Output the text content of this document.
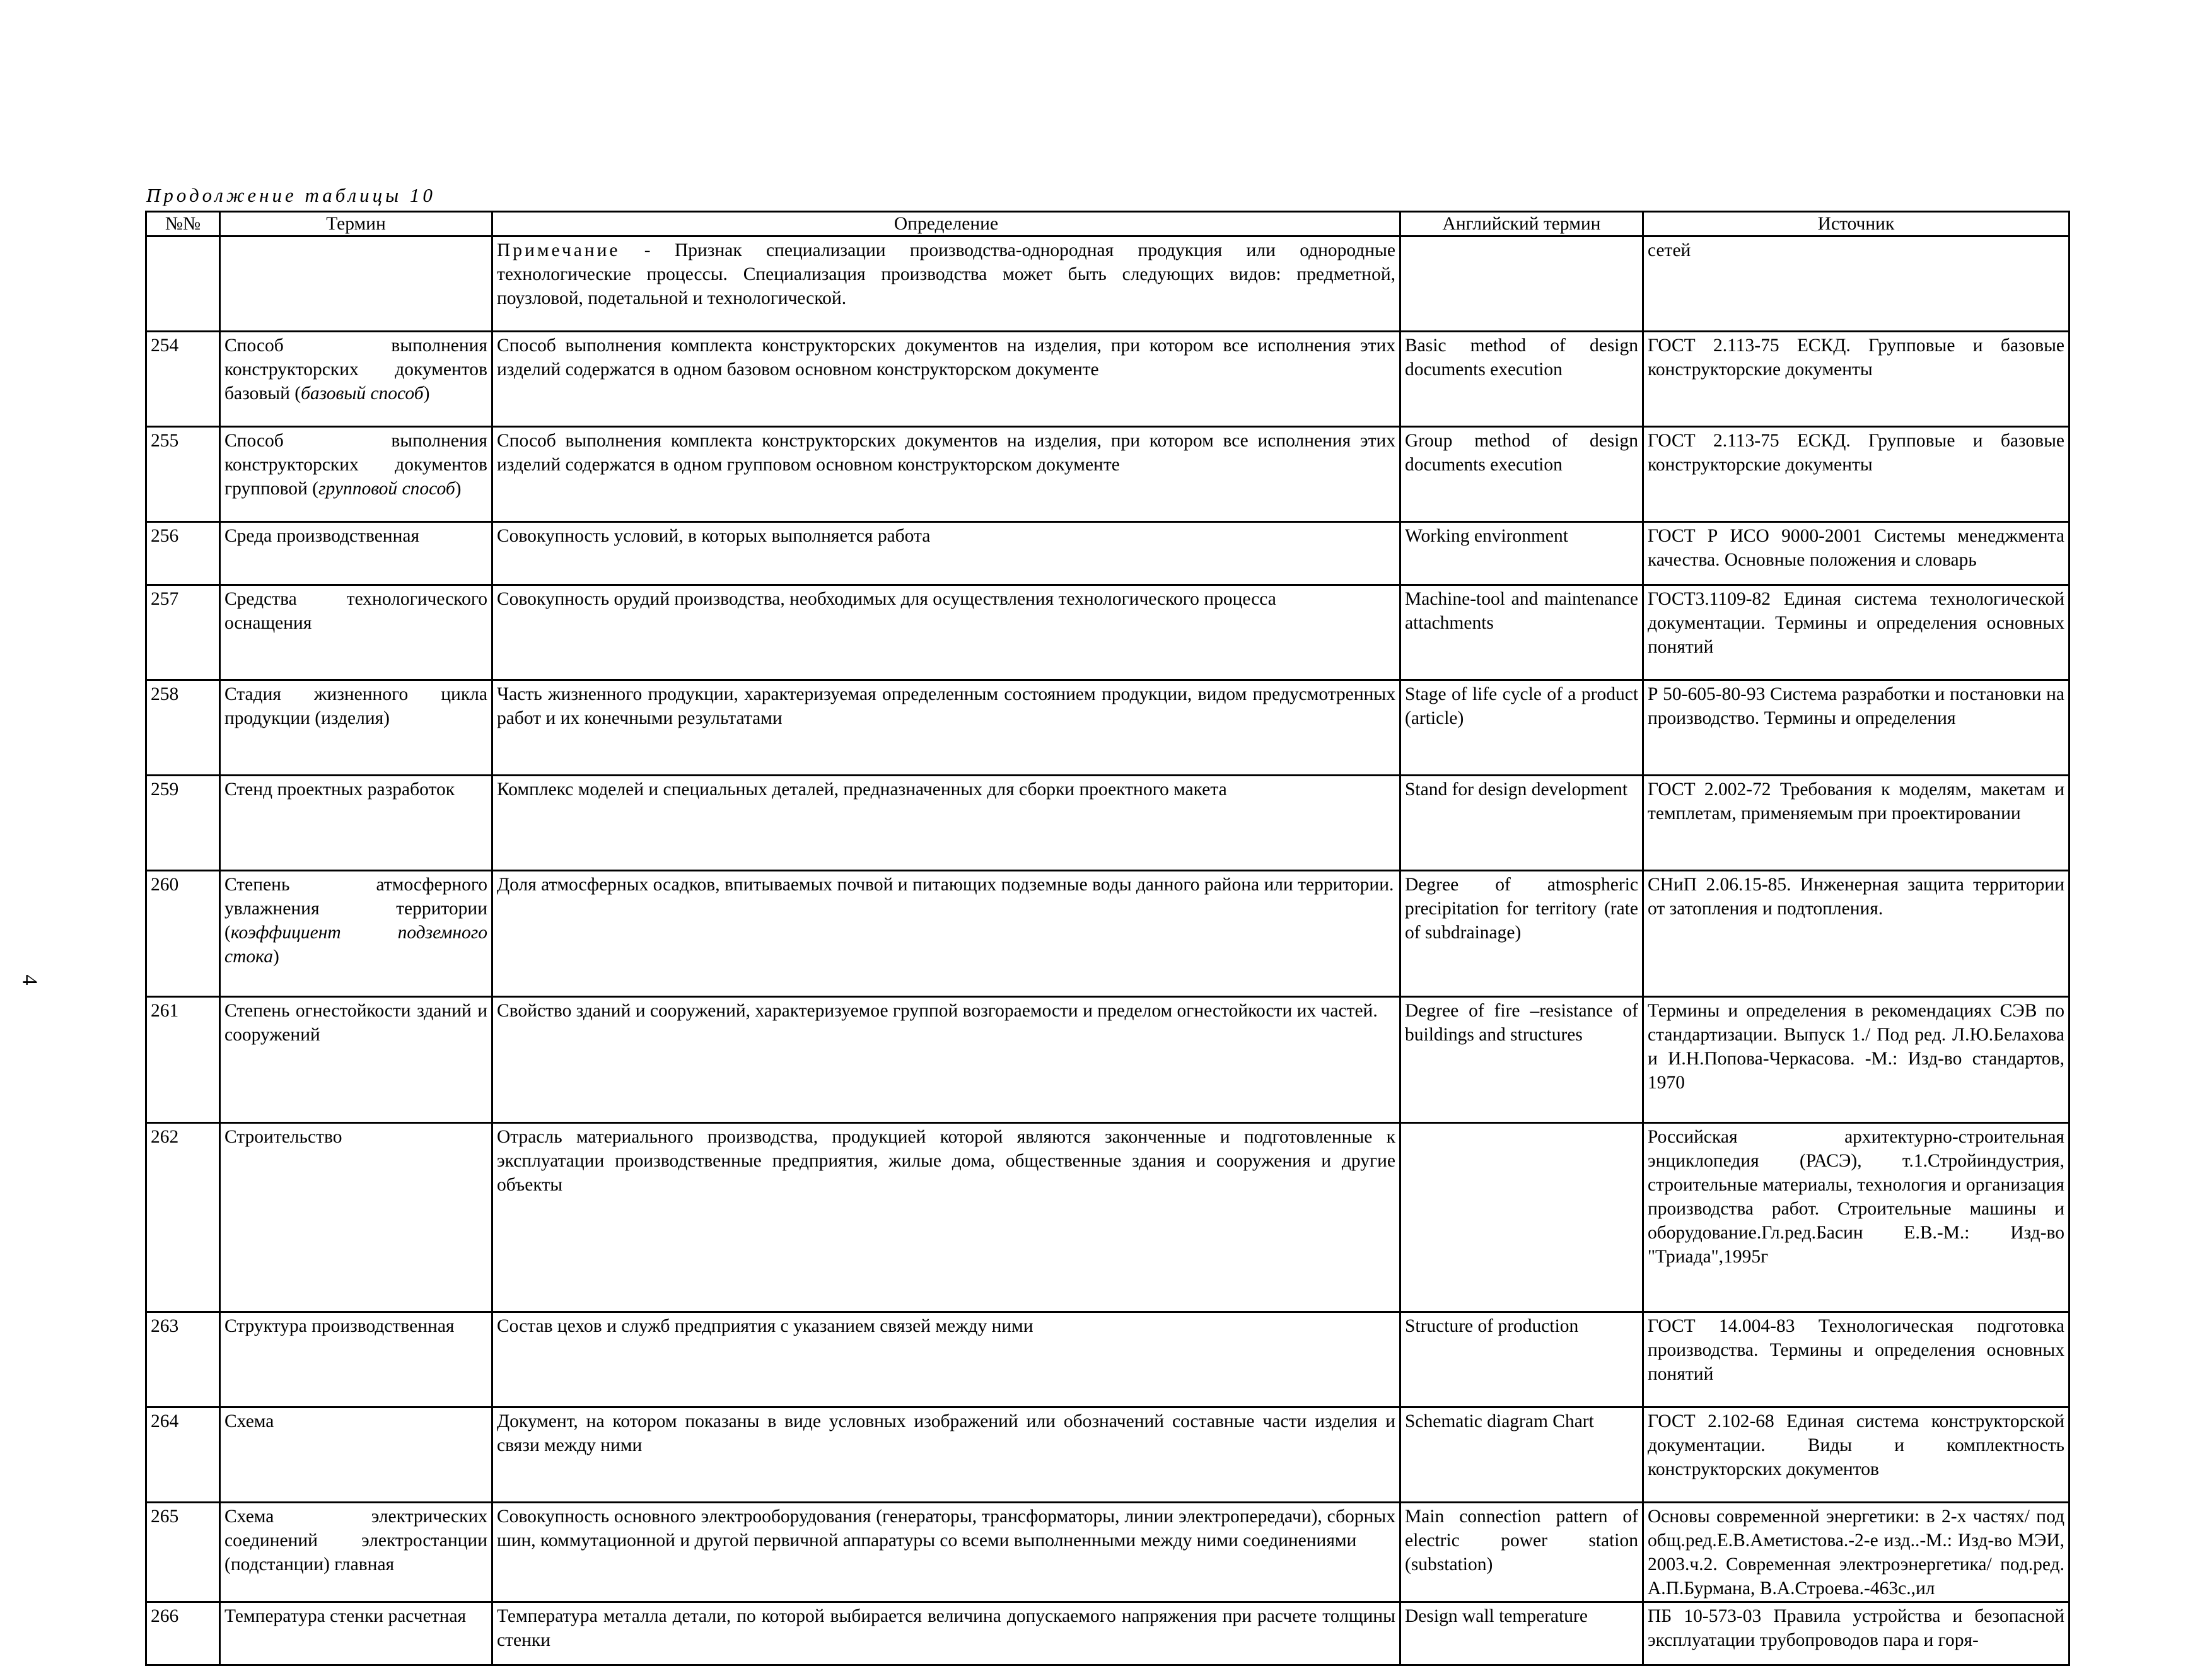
Продолжение таблицы 10
4
№№	Термин	Определение	Английский термин	Источник
		Примечание - Признак специализации производства-однородная продукция или однородные технологические процессы. Специализация производства может быть следующих видов: предметной, поузловой, подетальной и технологической.		сетей
254	Способ выполнения конструкторских документов базовый (базовый способ)	Способ выполнения комплекта конструкторских документов на изделия, при котором все исполнения этих изделий содержатся в одном базовом основном конструкторском документе	Basic method of design documents execution	ГОСТ 2.113-75 ЕСКД. Групповые и базовые конструкторские документы
255	Способ выполнения конструкторских документов групповой (групповой способ)	Способ выполнения комплекта конструкторских документов на изделия, при котором все исполнения этих изделий содержатся в одном групповом основном конструкторском документе	Group method of design documents execution	ГОСТ 2.113-75 ЕСКД. Групповые и базовые конструкторские документы
256	Среда производственная	Совокупность условий, в которых выполняется работа	Working environment	ГОСТ Р ИСО 9000-2001 Системы менеджмента качества. Основные положения и словарь
257	Средства технологического оснащения	Совокупность орудий производства, необходимых для осуществления технологического процесса	Machine-tool and maintenance attachments	ГОСТ3.1109-82 Единая система технологической документации. Термины и определения основных понятий
258	Стадия жизненного цикла продукции (изделия)	Часть жизненного продукции, характеризуемая определенным состоянием продукции, видом предусмотренных работ и их конечными результатами	Stage of life cycle of a product (article)	Р 50-605-80-93 Система разработки и постановки на производство. Термины и определения
259	Стенд проектных разработок	Комплекс моделей и специальных деталей, предназначенных для сборки проектного макета	Stand for design development	ГОСТ 2.002-72 Требования к моделям, макетам и темплетам, применяемым при проектировании
260	Степень атмосферного увлажнения территории (коэффициент подземного стока)	Доля атмосферных осадков, впитываемых почвой и питающих подземные воды данного района или территории.	Degree of atmospheric precipitation for territory (rate of subdrainage)	СНиП 2.06.15-85. Инженерная защита территории от затопления и подтопления.
261	Степень огнестойкости зданий и сооружений	Свойство зданий и сооружений, характеризуемое группой возгораемости и пределом огнестойкости их частей.	Degree of fire –resistance of buildings and structures	Термины и определения в рекомендациях СЭВ по стандартизации. Выпуск 1./ Под ред. Л.Ю.Белахова и И.Н.Попова-Черкасова. -М.: Изд-во стандартов, 1970
262	Строительство	Отрасль материального производства, продукцией которой являются законченные и подготовленные к эксплуатации производственные предприятия, жилые дома, общественные здания и сооружения и другие объекты		Российская архитектурно-строительная энциклопедия (РАСЭ), т.1.Стройиндустрия, строительные материалы, технология и организация производства работ. Строительные машины и оборудование.Гл.ред.Басин Е.В.-М.: Изд-во "Триада",1995г
263	Структура производственная	Состав цехов и служб предприятия с указанием связей между ними	Structure of production	ГОСТ 14.004-83 Технологическая подготовка производства. Термины и определения основных понятий
264	Схема	Документ, на котором показаны в виде условных изображений или обозначений составные части изделия и связи между ними	Schematic diagram Chart	ГОСТ 2.102-68 Единая система конструкторской документации. Виды и комплектность конструкторских документов
265	Схема электрических соединений электростанции (подстанции) главная	Совокупность основного электрооборудования (генераторы, трансформаторы, линии электропередачи), сборных шин, коммутационной и другой первичной аппаратуры со всеми выполненными между ними соединениями	Main connection pattern of electric power station (substation)	Основы современной энергетики: в 2-х частях/ под общ.ред.Е.В.Аметистова.-2-е изд..-М.: Изд-во МЭИ, 2003.ч.2. Современная электроэнергетика/ под.ред. А.П.Бурмана, В.А.Строева.-463с.,ил
266	Температура стенки расчетная	Температура металла детали, по которой выбирается величина допускаемого напряжения при расчете толщины стенки	Design wall temperature	ПБ 10-573-03 Правила устройства и безопасной эксплуатации трубопроводов пара и горя-
